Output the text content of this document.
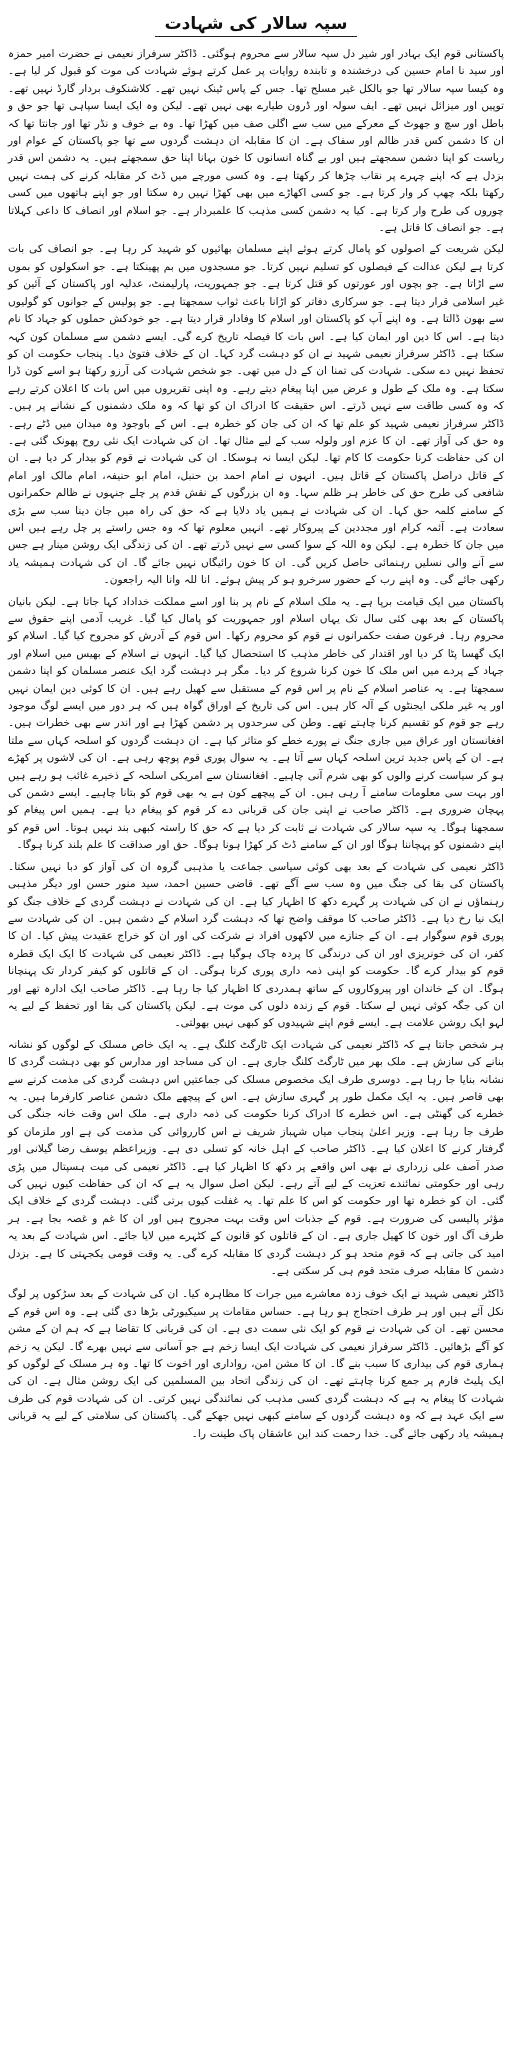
سپہ سالار کی شہادت

پاکستانی قوم ایک بہادر اور شیر دل سپہ سالار سے محروم ہوگئی۔ ڈاکٹر سرفراز نعیمی نے حضرت امیر حمزہ اور سید نا امام حسین کی درخشندہ و تابندہ روایات پر عمل کرتے ہوئے شہادت کی موت کو قبول کر لیا ہے۔ وہ کیسا سپہ سالار تھا جو بالکل غیر مسلح تھا۔ جس کے پاس ٹینک نہیں تھے۔ کلاشنکوف بردار گارڈ نہیں تھے۔ توپیں اور میزائل نہیں تھے۔ ایف سولہ اور ڈرون طیارے بھی نہیں تھے۔ لیکن وہ ایک ایسا سپاہی تھا جو حق و باطل اور سچ و جھوٹ کے معرکے میں سب سے اگلی صف میں کھڑا تھا۔ وہ بے خوف و نڈر تھا اور جانتا تھا کہ ان کا دشمن کس قدر ظالم اور سفاک ہے۔ ان کا مقابلہ ان دہشت گردوں سے تھا جو پاکستان کے عوام اور ریاست کو اپنا دشمن سمجھتے ہیں اور بے گناہ انسانوں کا خون بہانا اپنا حق سمجھتے ہیں۔ یہ دشمن اس قدر بزدل ہے کہ اپنے چہرے پر نقاب چڑھا کر رکھتا ہے۔ وہ کسی مورچے میں ڈٹ کر مقابلہ کرنے کی ہمت نہیں رکھتا بلکہ چھپ کر وار کرتا ہے۔ جو کسی اکھاڑے میں بھی کھڑا نہیں رہ سکتا اور جو اپنے ہاتھوں میں کسی چوروں کی طرح وار کرتا ہے۔ کیا یہ دشمن کسی مذہب کا علمبردار ہے۔ جو اسلام اور انصاف کا داعی کہلاتا ہے۔ جو انصاف کا قاتل ہے۔

لیکن شریعت کے اصولوں کو پامال کرتے ہوئے اپنے مسلمان بھائیوں کو شہید کر رہا ہے۔ جو انصاف کی بات کرتا ہے لیکن عدالت کے فیصلوں کو تسلیم نہیں کرتا۔ جو مسجدوں میں بم پھینکتا ہے۔ جو اسکولوں کو بموں سے اڑاتا ہے۔ جو بچوں اور عورتوں کو قتل کرتا ہے۔ جو جمہوریت، پارلیمنٹ، عدلیہ اور پاکستان کے آئین کو غیر اسلامی قرار دیتا ہے۔ جو سرکاری دفاتر کو اڑانا باعث ثواب سمجھتا ہے۔ جو پولیس کے جوانوں کو گولیوں سے بھون ڈالتا ہے۔ وہ اپنے آپ کو پاکستان اور اسلام کا وفادار قرار دیتا ہے۔ جو خودکش حملوں کو جہاد کا نام دیتا ہے۔ اس کا دین اور ایمان کیا ہے۔ اس بات کا فیصلہ تاریخ کرے گی۔ ایسے دشمن سے مسلمان کون کہہ سکتا ہے۔ ڈاکٹر سرفراز نعیمی شہید نے ان کو دہشت گرد کہا۔ ان کے خلاف فتویٰ دیا۔ پنجاب حکومت ان کو تحفظ نہیں دے سکی۔ شہادت کی تمنا ان کے دل میں تھی۔ جو شخص شہادت کی آرزو رکھتا ہو اسے کون ڈرا سکتا ہے۔ وہ ملک کے طول و عرض میں اپنا پیغام دیتے رہے۔ وہ اپنی تقریروں میں اس بات کا اعلان کرتے رہے کہ وہ کسی طاقت سے نہیں ڈرتے۔ اس حقیقت کا ادراک ان کو تھا کہ وہ ملک دشمنوں کے نشانے پر ہیں۔ ڈاکٹر سرفراز نعیمی شہید کو علم تھا کہ ان کی جان کو خطرہ ہے۔ اس کے باوجود وہ میدان میں ڈٹے رہے۔ وہ حق کی آواز تھے۔ ان کا عزم اور ولولہ سب کے لیے مثال تھا۔ ان کی شہادت ایک نئی روح پھونک گئی ہے۔ ان کی حفاظت کرنا حکومت کا کام تھا۔ لیکن ایسا نہ ہوسکا۔ ان کی شہادت نے قوم کو بیدار کر دیا ہے۔ ان کے قاتل دراصل پاکستان کے قاتل ہیں۔ انہوں نے امام احمد بن حنبل، امام ابو حنیفہ، امام مالک اور امام شافعی کی طرح حق کی خاطر ہر ظلم سہا۔ وہ ان بزرگوں کے نقش قدم پر چلے جنہوں نے ظالم حکمرانوں کے سامنے کلمہ حق کہا۔ ان کی شہادت نے ہمیں یاد دلایا ہے کہ حق کی راہ میں جان دینا سب سے بڑی سعادت ہے۔ آئمہ کرام اور مجددین کے پیروکار تھے۔ انہیں معلوم تھا کہ وہ جس راستے پر چل رہے ہیں اس میں جان کا خطرہ ہے۔ لیکن وہ اللہ کے سوا کسی سے نہیں ڈرتے تھے۔ ان کی زندگی ایک روشن مینار ہے جس سے آنے والی نسلیں رہنمائی حاصل کریں گی۔ ان کا خون رائیگاں نہیں جائے گا۔ ان کی شہادت ہمیشہ یاد رکھی جائے گی۔ وہ اپنے رب کے حضور سرخرو ہو کر پیش ہوئے۔ انا للہ وانا الیہ راجعون۔

پاکستان میں ایک قیامت برپا ہے۔ یہ ملک اسلام کے نام پر بنا اور اسے مملکت خداداد کہا جاتا ہے۔ لیکن بانیان پاکستان کے بعد بھی کئی سال تک یہاں اسلام اور جمہوریت کو پامال کیا گیا۔ غریب آدمی اپنے حقوق سے محروم رہا۔ فرعون صفت حکمرانوں نے قوم کو محروم رکھا۔ اس قوم کے آدرش کو مجروح کیا گیا۔ اسلام کو ایک گھسا پٹا کر دیا اور اقتدار کی خاطر مذہب کا استحصال کیا گیا۔ انہوں نے اسلام کے بھیس میں اسلام اور جہاد کے پردے میں اس ملک کا خون کرنا شروع کر دیا۔ مگر ہر دہشت گرد ایک عنصر مسلمان کو اپنا دشمن سمجھتا ہے۔ یہ عناصر اسلام کے نام پر اس قوم کے مستقبل سے کھیل رہے ہیں۔ ان کا کوئی دین ایمان نہیں اور یہ غیر ملکی ایجنٹوں کے آلہ کار ہیں۔ اس کی تاریخ کے اوراق گواہ ہیں کہ ہر دور میں ایسے لوگ موجود رہے جو قوم کو تقسیم کرنا چاہتے تھے۔ وطن کی سرحدوں پر دشمن کھڑا ہے اور اندر سے بھی خطرات ہیں۔ افغانستان اور عراق میں جاری جنگ نے پورے خطے کو متاثر کیا ہے۔ ان دہشت گردوں کو اسلحہ کہاں سے ملتا ہے۔ ان کے پاس جدید ترین اسلحہ کہاں سے آتا ہے۔ یہ سوال پوری قوم پوچھ رہی ہے۔ ان کی لاشوں پر کھڑے ہو کر سیاست کرنے والوں کو بھی شرم آنی چاہیے۔ افغانستان سے امریکی اسلحہ کے ذخیرے غائب ہو رہے ہیں اور بہت سی معلومات سامنے آ رہی ہیں۔ ان کے پیچھے کون ہے یہ بھی قوم کو بتانا چاہیے۔ ایسے دشمن کی پہچان ضروری ہے۔ ڈاکٹر صاحب نے اپنی جان کی قربانی دے کر قوم کو پیغام دیا ہے۔ ہمیں اس پیغام کو سمجھنا ہوگا۔ یہ سپہ سالار کی شہادت نے ثابت کر دیا ہے کہ حق کا راستہ کبھی بند نہیں ہوتا۔ اس قوم کو اپنے دشمنوں کو پہچاننا ہوگا اور ان کے سامنے ڈٹ کر کھڑا ہونا ہوگا۔ حق اور صداقت کا علم بلند کرنا ہوگا۔

ڈاکٹر نعیمی کی شہادت کے بعد بھی کوئی سیاسی جماعت یا مذہبی گروہ ان کی آواز کو دبا نہیں سکتا۔ پاکستان کی بقا کی جنگ میں وہ سب سے آگے تھے۔ قاضی حسین احمد، سید منور حسن اور دیگر مذہبی رہنماؤں نے ان کی شہادت پر گہرے دکھ کا اظہار کیا ہے۔ ان کی شہادت نے دہشت گردی کے خلاف جنگ کو ایک نیا رخ دیا ہے۔ ڈاکٹر صاحب کا موقف واضح تھا کہ دہشت گرد اسلام کے دشمن ہیں۔ ان کی شہادت سے پوری قوم سوگوار ہے۔ ان کے جنازے میں لاکھوں افراد نے شرکت کی اور ان کو خراج عقیدت پیش کیا۔ ان کا کفر، ان کی خونریزی اور ان کی درندگی کا پردہ چاک ہوگیا ہے۔ ڈاکٹر نعیمی کی شہادت کا ایک ایک قطرہ قوم کو بیدار کرے گا۔ حکومت کو اپنی ذمہ داری پوری کرنا ہوگی۔ ان کے قاتلوں کو کیفر کردار تک پہنچانا ہوگا۔ ان کے خاندان اور پیروکاروں کے ساتھ ہمدردی کا اظہار کیا جا رہا ہے۔ ڈاکٹر صاحب ایک ادارہ تھے اور ان کی جگہ کوئی نہیں لے سکتا۔ قوم کے زندہ دلوں کی موت ہے۔ لیکن پاکستان کی بقا اور تحفظ کے لیے یہ لہو ایک روشن علامت ہے۔ ایسے قوم اپنے شہیدوں کو کبھی نہیں بھولتی۔

ہر شخص جانتا ہے کہ ڈاکٹر نعیمی کی شہادت ایک ٹارگٹ کلنگ ہے۔ یہ ایک خاص مسلک کے لوگوں کو نشانہ بنانے کی سازش ہے۔ ملک بھر میں ٹارگٹ کلنگ جاری ہے۔ ان کی مساجد اور مدارس کو بھی دہشت گردی کا نشانہ بنایا جا رہا ہے۔ دوسری طرف ایک مخصوص مسلک کی جماعتیں اس دہشت گردی کی مذمت کرنے سے بھی قاصر ہیں۔ یہ ایک مکمل طور پر گہری سازش ہے۔ اس کے پیچھے ملک دشمن عناصر کارفرما ہیں۔ یہ خطرے کی گھنٹی ہے۔ اس خطرے کا ادراک کرنا حکومت کی ذمہ داری ہے۔ ملک اس وقت خانہ جنگی کی طرف جا رہا ہے۔ وزیر اعلیٰ پنجاب میاں شہباز شریف نے اس کارروائی کی مذمت کی ہے اور ملزمان کو گرفتار کرنے کا اعلان کیا ہے۔ ڈاکٹر صاحب کے اہل خانہ کو تسلی دی ہے۔ وزیراعظم یوسف رضا گیلانی اور صدر آصف علی زرداری نے بھی اس واقعے پر دکھ کا اظہار کیا ہے۔ ڈاکٹر نعیمی کی میت ہسپتال میں پڑی رہی اور حکومتی نمائندے تعزیت کے لیے آتے رہے۔ لیکن اصل سوال یہ ہے کہ ان کی حفاظت کیوں نہیں کی گئی۔ ان کو خطرہ تھا اور حکومت کو اس کا علم تھا۔ یہ غفلت کیوں برتی گئی۔ دہشت گردی کے خلاف ایک مؤثر پالیسی کی ضرورت ہے۔ قوم کے جذبات اس وقت بہت مجروح ہیں اور ان کا غم و غصہ بجا ہے۔ ہر طرف آگ اور خون کا کھیل جاری ہے۔ ان کے قاتلوں کو قانون کے کٹہرے میں لایا جائے۔ اس شہادت کے بعد یہ امید کی جاتی ہے کہ قوم متحد ہو کر دہشت گردی کا مقابلہ کرے گی۔ یہ وقت قومی یکجہتی کا ہے۔ بزدل دشمن کا مقابلہ صرف متحد قوم ہی کر سکتی ہے۔

ڈاکٹر نعیمی شہید نے ایک خوف زدہ معاشرے میں جرات کا مظاہرہ کیا۔ ان کی شہادت کے بعد سڑکوں پر لوگ نکل آئے ہیں اور ہر طرف احتجاج ہو رہا ہے۔ حساس مقامات پر سیکیورٹی بڑھا دی گئی ہے۔ وہ اس قوم کے محسن تھے۔ ان کی شہادت نے قوم کو ایک نئی سمت دی ہے۔ ان کی قربانی کا تقاضا ہے کہ ہم ان کے مشن کو آگے بڑھائیں۔ ڈاکٹر سرفراز نعیمی کی شہادت ایک ایسا زخم ہے جو آسانی سے نہیں بھرے گا۔ لیکن یہ زخم ہماری قوم کی بیداری کا سبب بنے گا۔ ان کا مشن امن، رواداری اور اخوت کا تھا۔ وہ ہر مسلک کے لوگوں کو ایک پلیٹ فارم پر جمع کرنا چاہتے تھے۔ ان کی زندگی اتحاد بین المسلمین کی ایک روشن مثال ہے۔ ان کی شہادت کا پیغام یہ ہے کہ دہشت گردی کسی مذہب کی نمائندگی نہیں کرتی۔ ان کی شہادت قوم کی طرف سے ایک عہد ہے کہ وہ دہشت گردوں کے سامنے کبھی نہیں جھکے گی۔ پاکستان کی سلامتی کے لیے یہ قربانی ہمیشہ یاد رکھی جائے گی۔ خدا رحمت کند این عاشقان پاک طینت را۔
